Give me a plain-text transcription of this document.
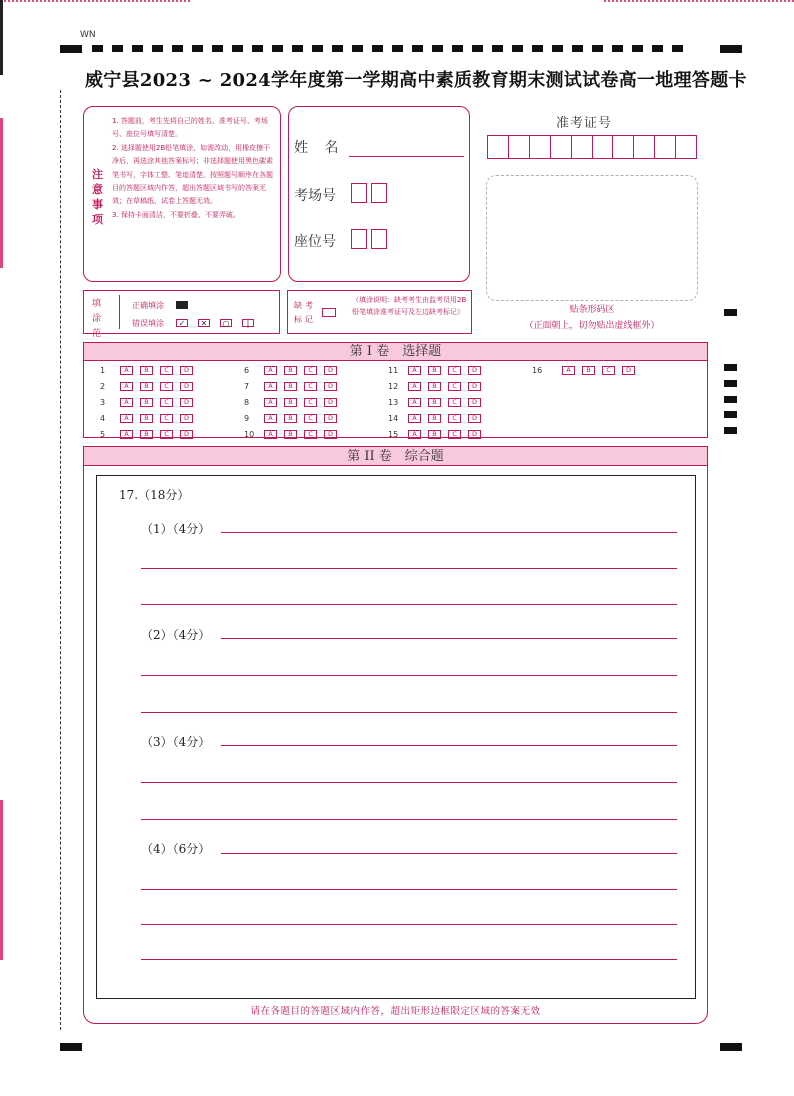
WN
威宁县2023 ~ 2024学年度第一学期高中素质教育期末测试试卷高一地理答题卡
注意事项
1. 答题前，考生先将自己的姓名、准考证号、考场号、座位号填写清楚。
2. 选择题使用2B铅笔填涂，如需改动，用橡皮擦干净后，再选涂其他答案标号；非选择题使用黑色碳素笔书写，字体工整、笔迹清楚。按照题号顺序在各题目的答题区域内作答，超出答题区域书写的答案无效；在草稿纸、试卷上答题无效。
3. 保持卡面清洁，不要折叠、不要弄破。
姓 名
考场号
座位号
准考证号
贴条形码区
（正面朝上，切勿贴出虚线框外）
填涂范
正确填涂
错误填涂	✓	✕	○	|
缺考标记
（填涂说明：缺考考生由监考员用2B铅笔填涂准考证号及左边缺考标记）
第 I 卷　选择题
1	A	B	C	D
2	A	B	C	D
3	A	B	C	D
4	A	B	C	D
5	A	B	C	D
6	A	B	C	D
7	A	B	C	D
8	A	B	C	D
9	A	B	C	D
10	A	B	C	D
11	A	B	C	D
12	A	B	C	D
13	A	B	C	D
14	A	B	C	D
15	A	B	C	D
16	A	B	C	D
第 II 卷　综合题
17.（18分）
（1）（4分）
（2）（4分）
（3）（4分）
（4）（6分）
请在各题目的答题区域内作答，超出矩形边框限定区域的答案无效
